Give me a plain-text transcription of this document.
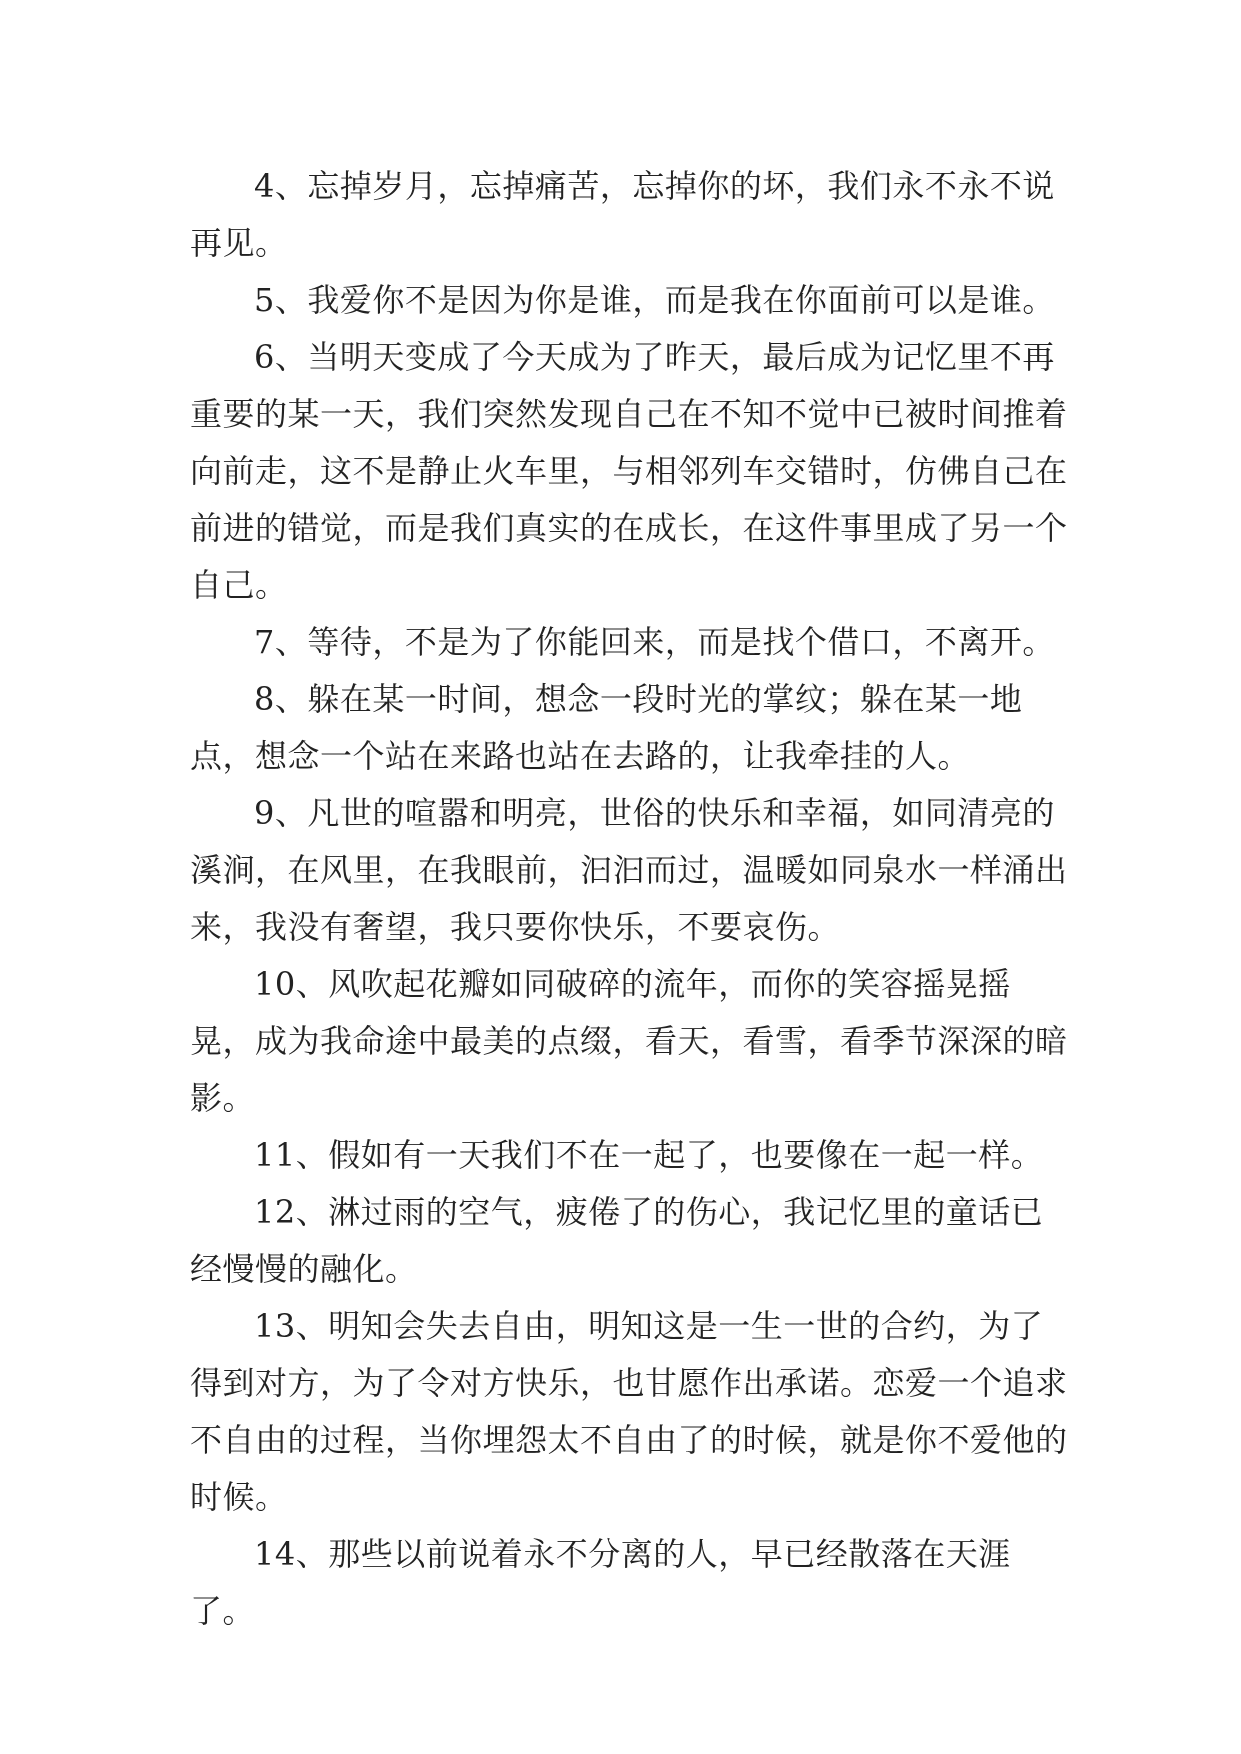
4、忘掉岁月，忘掉痛苦，忘掉你的坏，我们永不永不说再见。

5、我爱你不是因为你是谁，而是我在你面前可以是谁。

6、当明天变成了今天成为了昨天，最后成为记忆里不再重要的某一天，我们突然发现自己在不知不觉中已被时间推着向前走，这不是静止火车里，与相邻列车交错时，仿佛自己在前进的错觉，而是我们真实的在成长，在这件事里成了另一个自己。

7、等待，不是为了你能回来，而是找个借口，不离开。

8、躲在某一时间，想念一段时光的掌纹；躲在某一地点，想念一个站在来路也站在去路的，让我牵挂的人。

9、凡世的喧嚣和明亮，世俗的快乐和幸福，如同清亮的溪涧，在风里，在我眼前，汩汩而过，温暖如同泉水一样涌出来，我没有奢望，我只要你快乐，不要哀伤。

10、风吹起花瓣如同破碎的流年，而你的笑容摇晃摇晃，成为我命途中最美的点缀，看天，看雪，看季节深深的暗影。

11、假如有一天我们不在一起了，也要像在一起一样。

12、淋过雨的空气，疲倦了的伤心，我记忆里的童话已经慢慢的融化。

13、明知会失去自由，明知这是一生一世的合约，为了得到对方，为了令对方快乐，也甘愿作出承诺。恋爱一个追求不自由的过程，当你埋怨太不自由了的时候，就是你不爱他的时候。

14、那些以前说着永不分离的人，早已经散落在天涯了。
